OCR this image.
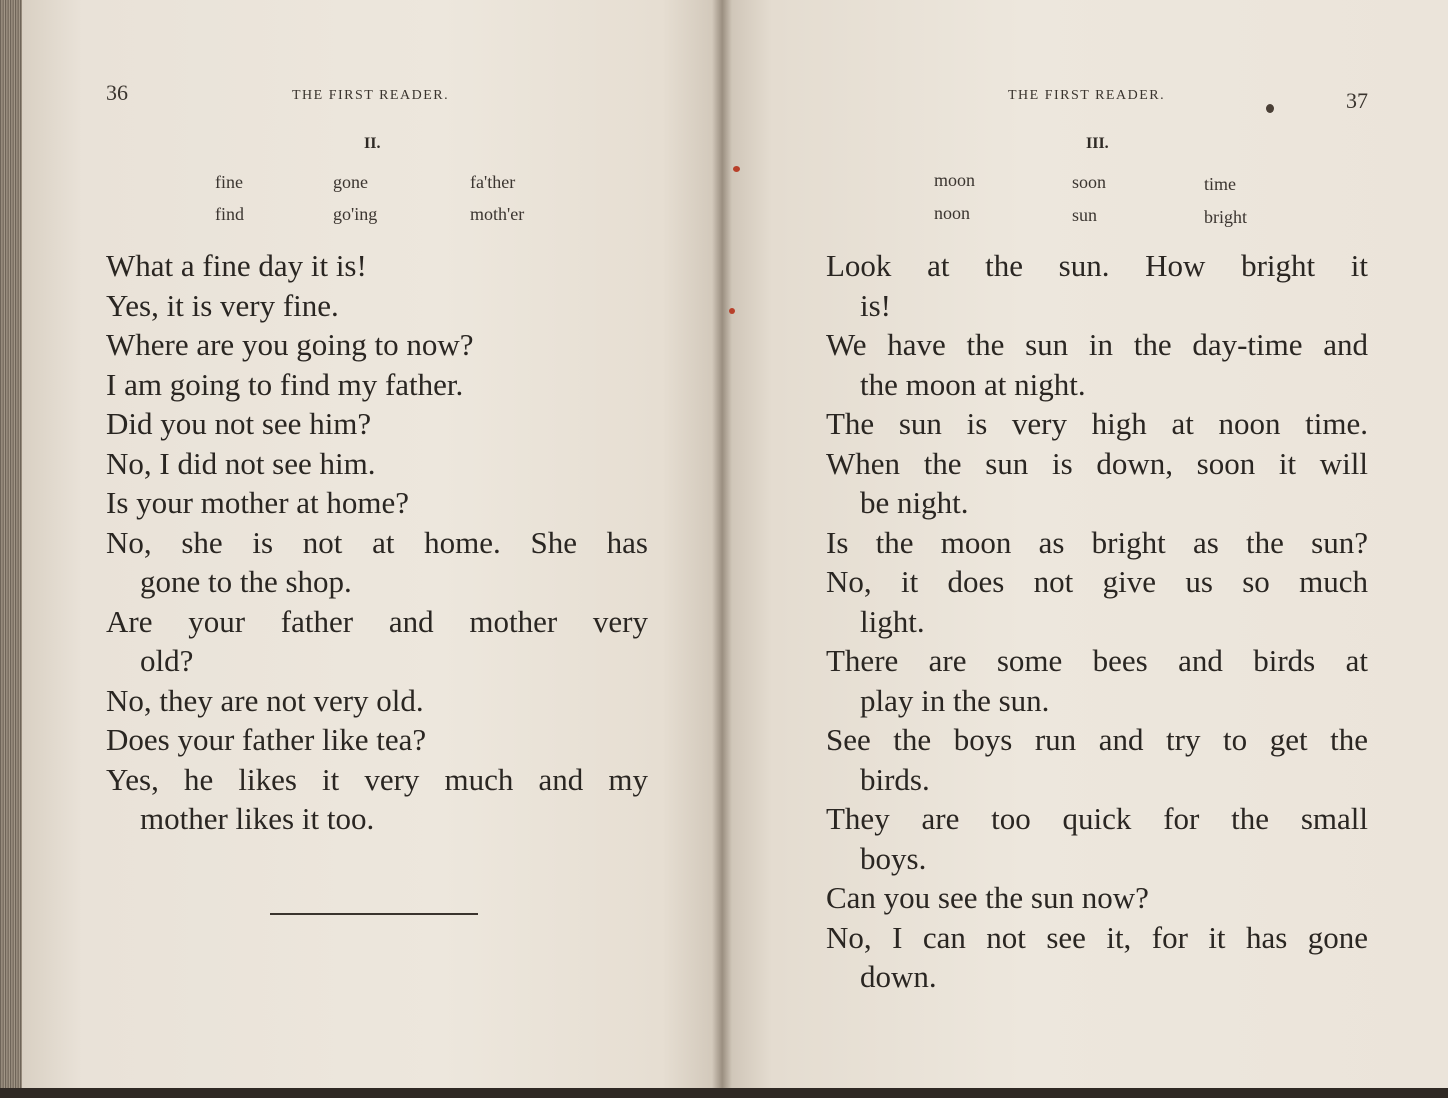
36	THE FIRST READER.
II.
fine	gone	fa'ther
find	go'ing	moth'er
What a fine day it is!
Yes, it is very fine.
Where are you going to now?
I am going to find my father.
Did you not see him?
No, I did not see him.
Is your mother at home?
No, she is not at home. She has
gone to the shop.
Are your father and mother very
old?
No, they are not very old.
Does your father like tea?
Yes, he likes it very much and my
mother likes it too.
37
THE FIRST READER.
III.
moon	soon	time
noon	sun	bright
Look at the sun. How bright it
is!
We have the sun in the day-time and
the moon at night.
The sun is very high at noon time.
When the sun is down, soon it will
be night.
Is the moon as bright as the sun?
No, it does not give us so much
light.
There are some bees and birds at
play in the sun.
See the boys run and try to get the
birds.
They are too quick for the small
boys.
Can you see the sun now?
No, I can not see it, for it has gone
down.
